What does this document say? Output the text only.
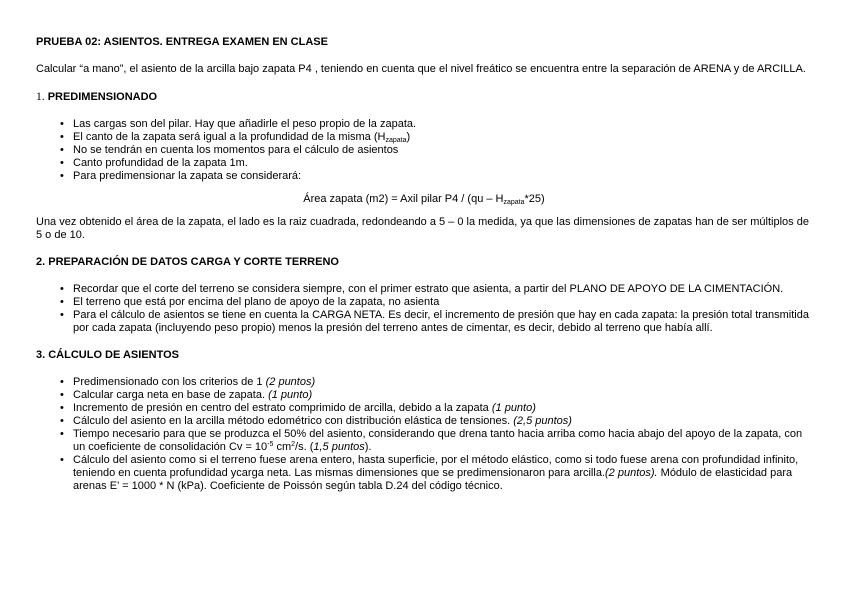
PRUEBA 02: ASIENTOS. ENTREGA EXAMEN EN CLASE

Calcular “a mano”, el asiento de la arcilla bajo zapata P4 , teniendo en cuenta que el nivel freático se encuentra entre la separación de ARENA y de ARCILLA.

1. PREDIMENSIONADO

• Las cargas son del pilar. Hay que añadirle el peso propio de la zapata.
• El canto de la zapata será igual a la profundidad de la misma $(H_{zapata})$
• No se tendrán en cuenta los momentos para el cálculo de asientos
• Canto profundidad de la zapata 1m.
• Para predimensionar la zapata se considerará:

Área zapata (m2) = Axil pilar $P4 / (qu - H_{zapata}*25)$

Una vez obtenido el área de la zapata, el lado es la raiz cuadrada, redondeando a 5 – 0 la medida, ya que las dimensiones de zapatas han de ser múltiplos de 5 o de 10.

2. PREPARACIÓN DE DATOS CARGA Y CORTE TERRENO

• Recordar que el corte del terreno se considera siempre, con el primer estrato que asienta, a partir del PLANO DE APOYO DE LA CIMENTACIÓN.
• El terreno que está por encima del plano de apoyo de la zapata, no asienta
• Para el cálculo de asientos se tiene en cuenta la CARGA NETA. Es decir, el incremento de presión que hay en cada zapata: la presión total transmitida por cada zapata (incluyendo peso propio) menos la presión del terreno antes de cimentar, es decir, debido al terreno que había allí.

3. CÁLCULO DE ASIENTOS

• Predimensionado con los criterios de 1 (2 puntos)
• Calcular carga neta en base de zapata. (1 punto)
• Incremento de presión en centro del estrato comprimido de arcilla, debido a la zapata (1 punto)
• Cálculo del asiento en la arcilla método edométrico con distribución elástica de tensiones. (2,5 puntos)
• Tiempo necesario para que se produzca el 50% del asiento, considerando que drena tanto hacia arriba como hacia abajo del apoyo de la zapata, con un coeficiente de consolidación $Cv = 10^{-5}$ $cm^2/s$. (1,5 puntos).
• Cálculo del asiento como si el terreno fuese arena entero, hasta superficie, por el método elástico, como si todo fuese arena con profundidad infinito, teniendo en cuenta profundidad ycarga neta. Las mismas dimensiones que se predimensionaron para arcilla.(2 puntos). Módulo de elasticidad para arenas E’ = 1000 * N (kPa). Coeficiente de Poissón según tabla D.24 del código técnico.
